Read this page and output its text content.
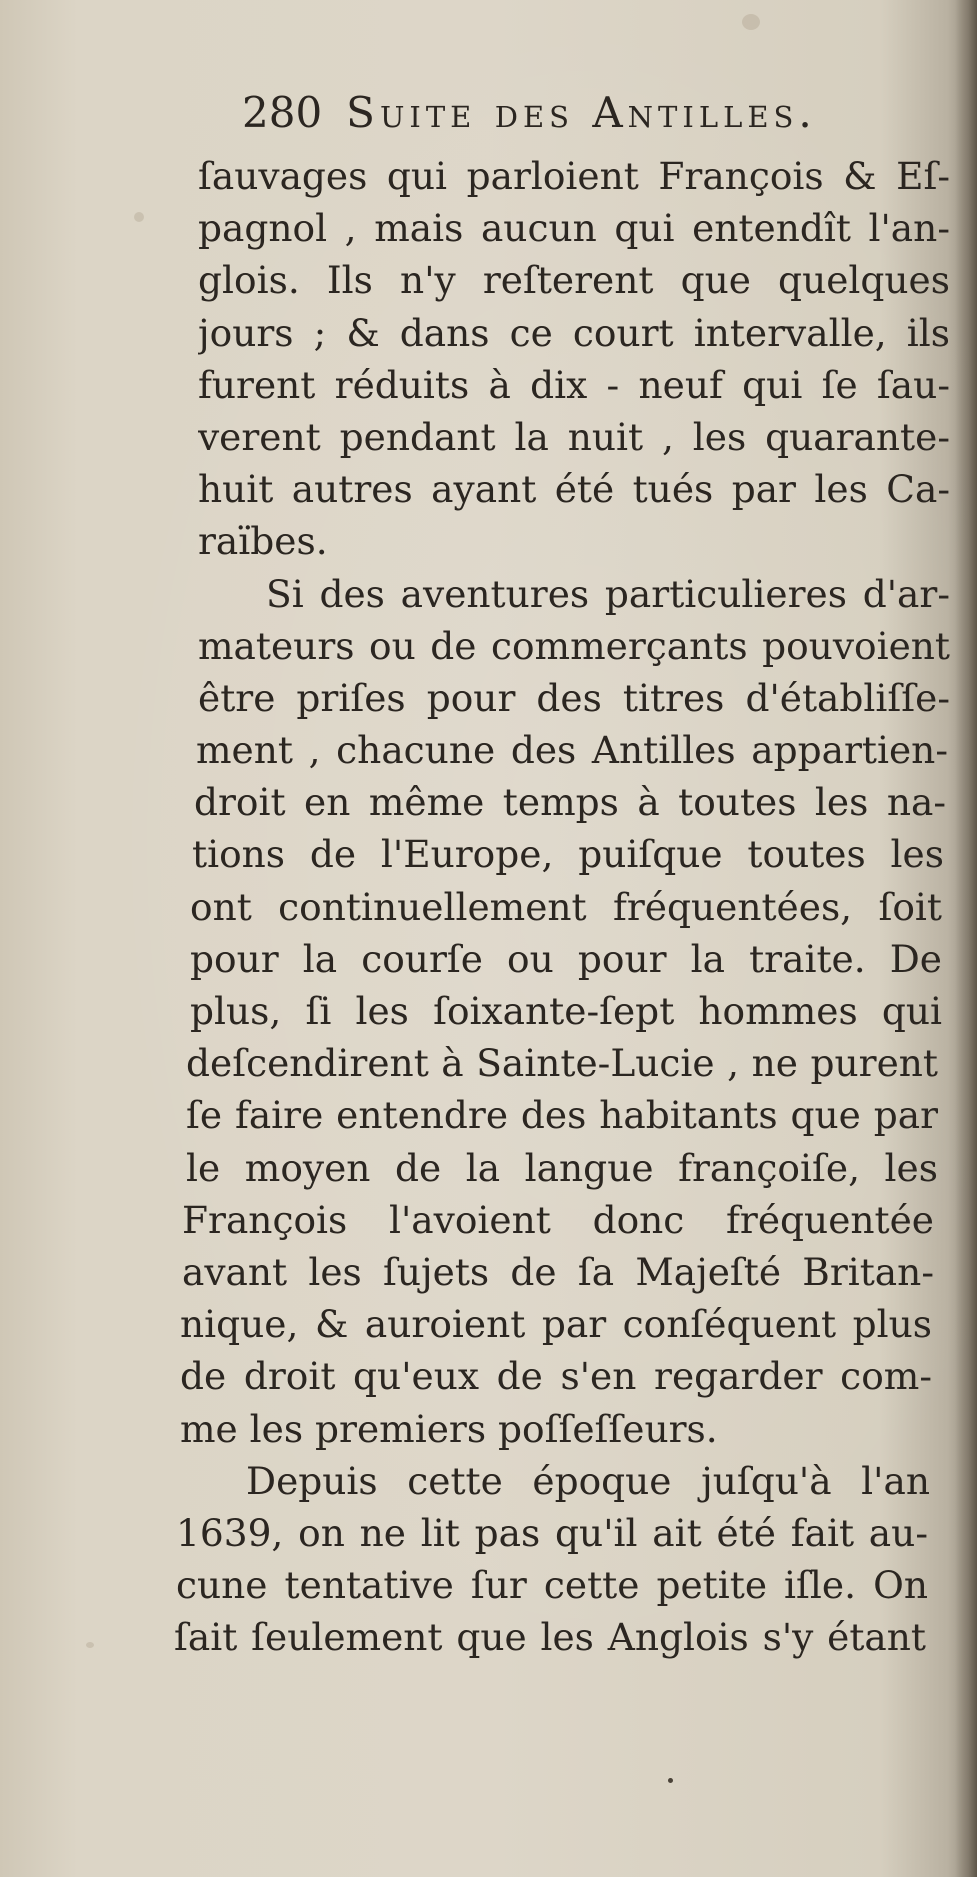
280 Suite des Antilles.
ſauvages qui parloient François & Eſ-
pagnol , mais aucun qui entendît l'an-
glois. Ils n'y reſterent que quelques
jours ; & dans ce court intervalle, ils
furent réduits à dix - neuf qui ſe ſau-
verent pendant la nuit , les quarante-
huit autres ayant été tués par les Ca-
raïbes.
Si des aventures particulieres d'ar-
mateurs ou de commerçants pouvoient
être priſes pour des titres d'établiſſe-
ment , chacune des Antilles appartien-
droit en même temps à toutes les na-
tions de l'Europe, puiſque toutes les
ont continuellement fréquentées, ſoit
pour la courſe ou pour la traite. De
plus, ſi les ſoixante-ſept hommes qui
deſcendirent à Sainte-Lucie , ne purent
ſe faire entendre des habitants que par
le moyen de la langue françoiſe, les
François l'avoient donc fréquentée
avant les ſujets de ſa Majeſté Britan-
nique, & auroient par conſéquent plus
de droit qu'eux de s'en regarder com-
me les premiers poſſeſſeurs.
Depuis cette époque juſqu'à l'an
1639, on ne lit pas qu'il ait été fait au-
cune tentative ſur cette petite iſle. On
ſait ſeulement que les Anglois s'y étant
